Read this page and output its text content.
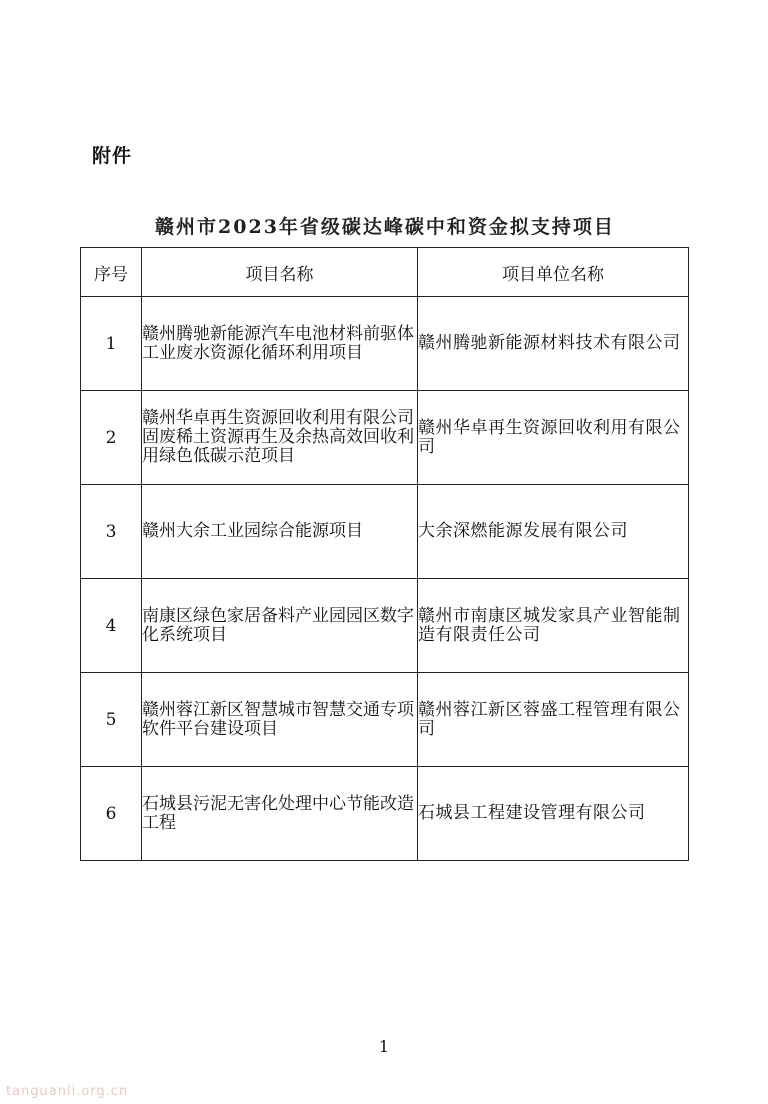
附件
赣州市2023年省级碳达峰碳中和资金拟支持项目
序号	项目名称	项目单位名称
1	赣州腾驰新能源汽车电池材料前驱体工业废水资源化循环利用项目	赣州腾驰新能源材料技术有限公司
2	赣州华卓再生资源回收利用有限公司固废稀土资源再生及余热高效回收利用绿色低碳示范项目	赣州华卓再生资源回收利用有限公司
3	赣州大余工业园综合能源项目	大余深燃能源发展有限公司
4	南康区绿色家居备料产业园园区数字化系统项目	赣州市南康区城发家具产业智能制造有限责任公司
5	赣州蓉江新区智慧城市智慧交通专项软件平台建设项目	赣州蓉江新区蓉盛工程管理有限公司
6	石城县污泥无害化处理中心节能改造工程	石城县工程建设管理有限公司
1
tanguanli.org.cn
